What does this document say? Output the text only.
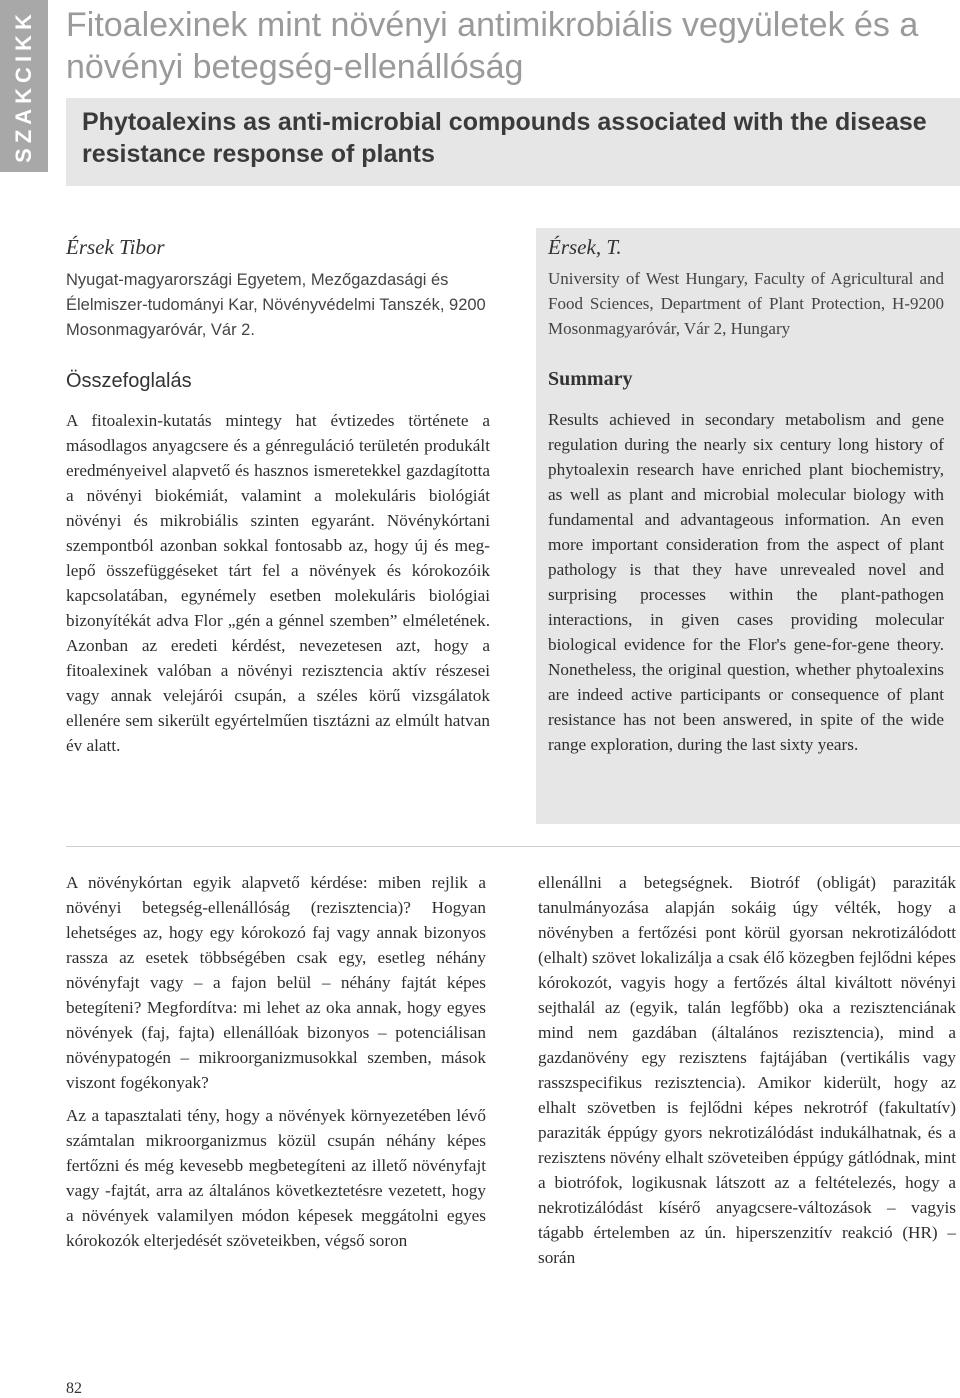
SZAKCIKK Fitoalexinek mint növényi antimikrobiális vegyületek és a növényi betegség-ellenállóság
Phytoalexins as anti-microbial compounds associated with the disease resistance response of plants
Érsek Tibor
Nyugat-magyarországi Egyetem, Mezőgazdasági és Élelmiszer-tudományi Kar, Növényvédelmi Tanszék, 9200 Mosonmagyaróvár, Vár 2.
Érsek, T.
University of West Hungary, Faculty of Agricultural and Food Sciences, Department of Plant Protection, H-9200 Mosonmagyaróvár, Vár 2, Hungary
Összefoglalás
A fitoalexin-kutatás mintegy hat évtizedes története a másodlagos anyagcsere és a génreguláció területén produkált eredményeivel alapvető és hasznos ismeretekkel gazdagította a növényi biokémiát, valamint a molekuláris biológiát növényi és mikrobiális szinten egyaránt. Növénykórtani szempontból azonban sokkal fontosabb az, hogy új és meglepő összefüggéseket tárt fel a növények és kórokozóik kapcsolatában, egynémely esetben molekuláris biológiai bizonyítékát adva Flor „gén a génnel szemben” elméletének. Azonban az eredeti kérdést, nevezetesen azt, hogy a fitoalexinek valóban a növényi rezisztencia aktív részesei vagy annak velejárói csupán, a széles körű vizsgálatok ellenére sem sikerült egyértelműen tisztázni az elmúlt hatvan év alatt.
Summary
Results achieved in secondary metabolism and gene regulation during the nearly six century long history of phytoalexin research have enriched plant biochemistry, as well as plant and microbial molecular biology with fundamental and advantageous information. An even more important consideration from the aspect of plant pathology is that they have unrevealed novel and surprising processes within the plant-pathogen interactions, in given cases providing molecular biological evidence for the Flor's gene-for-gene theory. Nonetheless, the original question, whether phytoalexins are indeed active participants or consequence of plant resistance has not been answered, in spite of the wide range exploration, during the last sixty years.

A növénykórtan egyik alapvető kérdése: miben rejlik a növényi betegség-ellenállóság (rezisztencia)? Hogyan lehetséges az, hogy egy kórokozó faj vagy annak bizonyos rassza az esetek többségében csak egy, esetleg néhány növényfajt vagy – a fajon belül – néhány fajtát képes betegíteni? Megfordítva: mi lehet az oka annak, hogy egyes növények (faj, fajta) ellenállóak bizonyos – potenciálisan növénypatogén – mikroorganizmusokkal szemben, mások viszont fogékonyak?

Az a tapasztalati tény, hogy a növények környezetében lévő számtalan mikroorganizmus közül csupán néhány képes fertőzni és még kevesebb megbetegíteni az illető növényfajt vagy -fajtát, arra az általános következtetésre vezetett, hogy a növények valamilyen módon képesek meggátolni egyes kórokozók elterjedését szöveteikben, végső soron

ellenállni a betegségnek. Biotróf (obligát) paraziták tanulmányozása alapján sokáig úgy vélték, hogy a növényben a fertőzési pont körül gyorsan nekrotizálódott (elhalt) szövet lokalizálja a csak élő közegben fejlődni képes kórokozót, vagyis hogy a fertőzés által kiváltott növényi sejthalál az (egyik, talán legfőbb) oka a rezisztenciának mind nem gazdában (általános rezisztencia), mind a gazdanövény egy rezisztens fajtájában (vertikális vagy rasszspecifikus rezisztencia). Amikor kiderült, hogy az elhalt szövetben is fejlődni képes nekrotróf (fakultatív) paraziták éppúgy gyors nekrotizálódást indukálhatnak, és a rezisztens növény elhalt szöveteiben éppúgy gátlódnak, mint a biotrófok, logikusnak látszott az a feltételezés, hogy a nekrotizálódást kísérő anyagcsere-változások – vagyis tágabb értelemben az ún. hiperszenzitív reakció (HR) – során

82
